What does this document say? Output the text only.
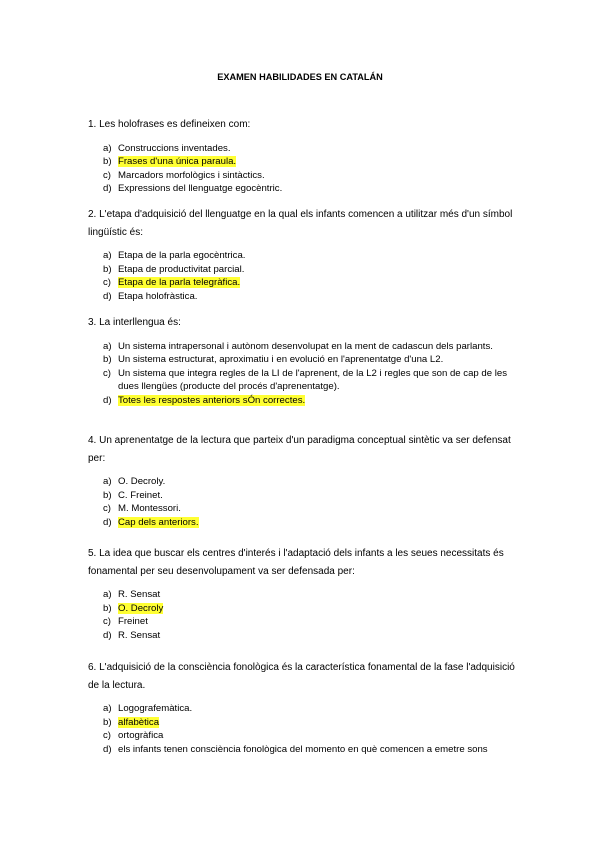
EXAMEN HABILIDADES EN CATALÁN

1. Les holofrases es defineixen com:

a) Construccions inventades.
b) Frases d'una única paraula.
c) Marcadors morfològics i sintàctics.
d) Expressions del llenguatge egocèntric.

2. L'etapa d'adquisició del llenguatge en la qual els infants comencen a utilitzar més d'un símbol lingüístic és:

a) Etapa de la parla egocèntrica.
b) Etapa de productivitat parcial.
c) Etapa de la parla telegràfica.
d) Etapa holofràstica.

3. La interllengua és:

a) Un sistema intrapersonal i autònom desenvolupat en la ment de cadascun dels parlants.
b) Un sistema estructurat, aproximatiu i en evolució en l'aprenentatge d'una L2.
c) Un sistema que integra regles de la LI de l'aprenent, de la L2 i regles que son de cap de les dues llengües (producte del procés d'aprenentatge).
d) Totes les respostes anteriors sÓn correctes.

4. Un aprenentatge de la lectura que parteix d'un paradigma conceptual sintètic va ser defensat per:

a) O. Decroly.
b) C. Freinet.
c) M. Montessori.
d) Cap dels anteriors.

5. La idea que buscar els centres d'interés i l'adaptació dels infants a les seues necessitats és fonamental per seu desenvolupament va ser defensada per:

a) R. Sensat
b) O. Decroly
c) Freinet
d) R. Sensat

6. L'adquisició de la consciència fonològica és la característica fonamental de la fase l'adquisició de la lectura.

a) Logografemàtica.
b) alfabètica
c) ortogràfica
d) els infants tenen consciència fonològica del momento en què comencen a emetre sons
